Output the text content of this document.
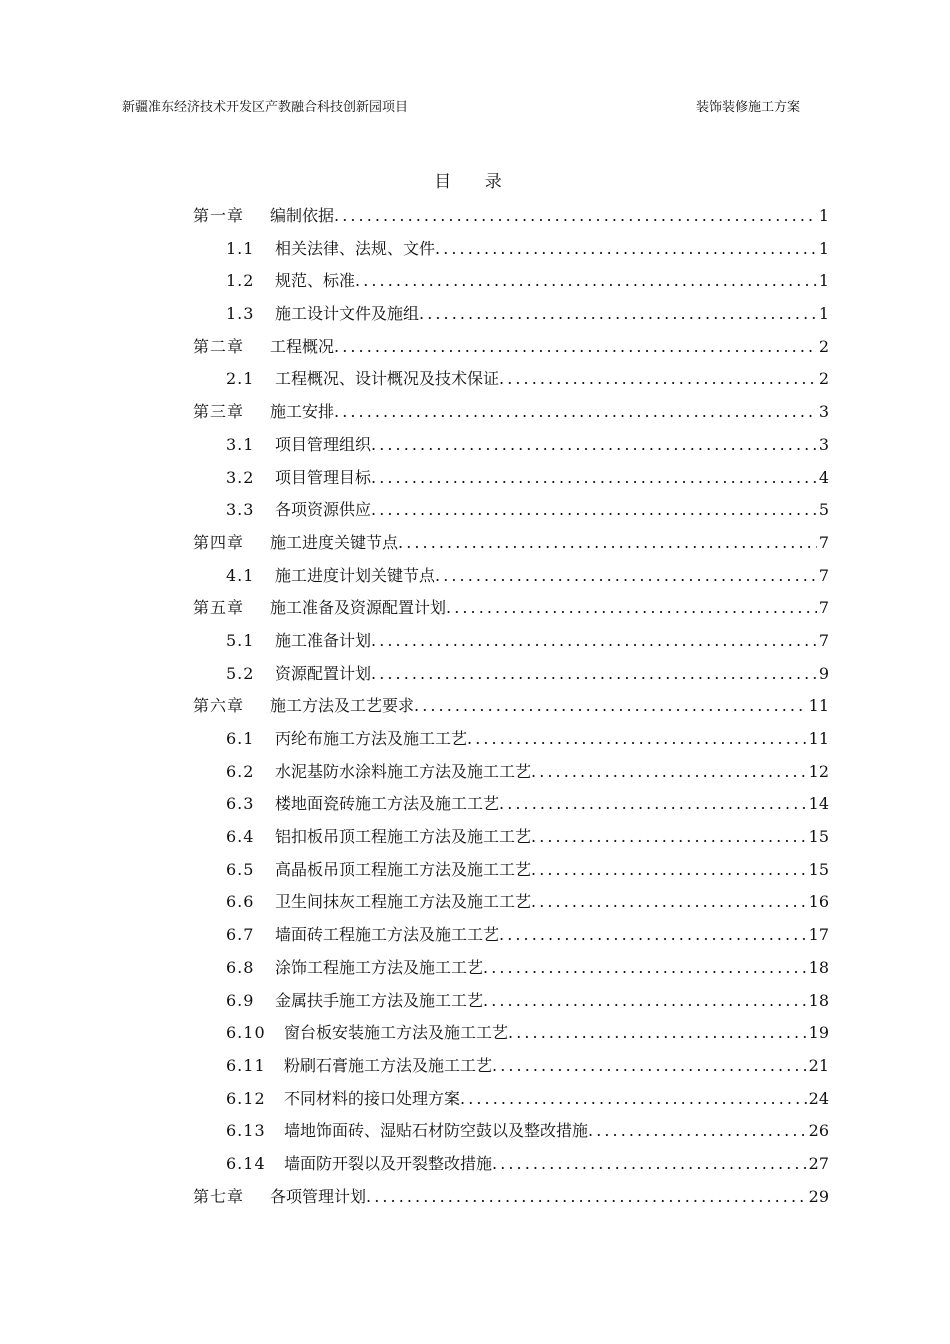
新疆准东经济技术开发区产教融合科技创新园项目	装饰装修施工方案
目 录
第一章	编制依据 . . .	1
1.1	相关法律、法规、文件 . . .	1
1.2	规范、标准 . . .	1
1.3	施工设计文件及施组 . . .	1
第二章	工程概况 . . .	2
2.1	工程概况、设计概况及技术保证 . . .	2
第三章	施工安排 . . .	3
3.1	项目管理组织 . . .	3
3.2	项目管理目标 . . .	4
3.3	各项资源供应 . . .	5
第四章	施工进度关键节点 . . .	7
4.1	施工进度计划关键节点 . . .	7
第五章	施工准备及资源配置计划 . . .	7
5.1	施工准备计划 . . .	7
5.2	资源配置计划 . . .	9
第六章	施工方法及工艺要求 . . .	11
6.1	丙纶布施工方法及施工工艺 . . .	11
6.2	水泥基防水涂料施工方法及施工工艺 . . .	12
6.3	楼地面瓷砖施工方法及施工工艺 . . .	14
6.4	铝扣板吊顶工程施工方法及施工工艺 . . .	15
6.5	高晶板吊顶工程施工方法及施工工艺 . . .	15
6.6	卫生间抹灰工程施工方法及施工工艺 . . .	16
6.7	墙面砖工程施工方法及施工工艺 . . .	17
6.8	涂饰工程施工方法及施工工艺 . . .	18
6.9	金属扶手施工方法及施工工艺 . . .	18
6.10	窗台板安装施工方法及施工工艺 . . .	19
6.11	粉刷石膏施工方法及施工工艺 . . .	21
6.12	不同材料的接口处理方案 . . .	24
6.13	墙地饰面砖、湿贴石材防空鼓以及整改措施 . . .	26
6.14	墙面防开裂以及开裂整改措施 . . .	27
第七章	各项管理计划 . . .	29
